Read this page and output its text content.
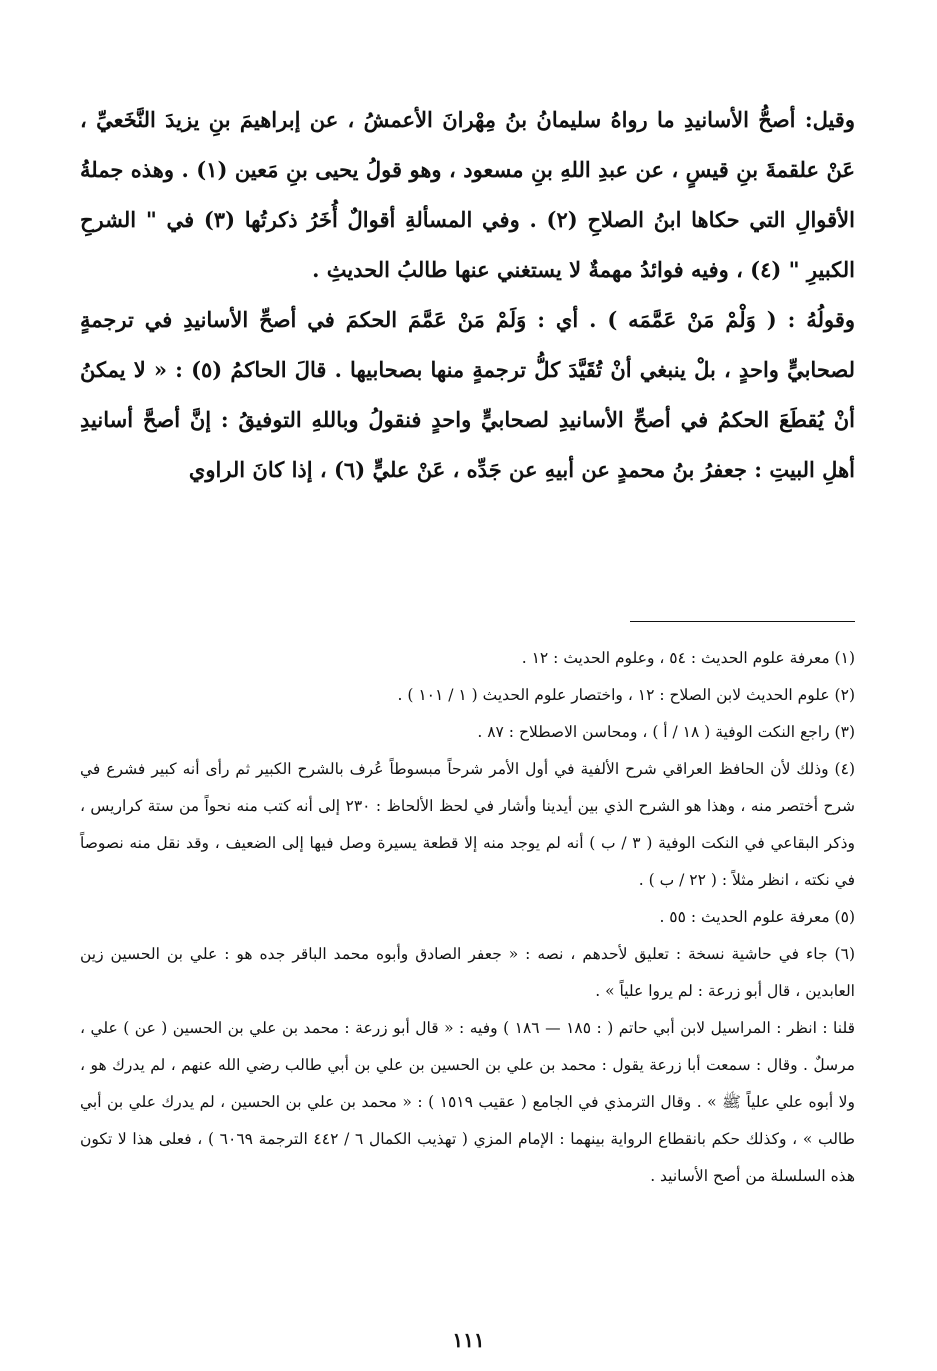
وقيل: أصحُّ الأسانيدِ ما رواهُ سليمانُ بنُ مِهْرانَ الأعمشُ ، عن إبراهيمَ بنِ يزيدَ النَّخَعيِّ ، عَنْ علقمةَ بنِ قيسٍ ، عن عبدِ اللهِ بنِ مسعود ، وهو قولُ يحيى بنِ مَعين (١) . وهذه جملةُ الأقوالِ التي حكاها ابنُ الصلاحِ (٢) . وفي المسألةِ أقوالٌ أُخَرُ ذكرتُها (٣) في " الشرحِ الكبيرِ " (٤) ، وفيه فوائدُ مهمةٌ لا يستغني عنها طالبُ الحديثِ .

وقولُهُ : ( وَلْمْ مَنْ عَمَّمَه ) . أي : وَلَمْ مَنْ عَمَّمَ الحكمَ في أصحِّ الأسانيدِ في ترجمةٍ لصحابيٍّ واحدٍ ، بلْ ينبغي أنْ تُقَيَّدَ كلُّ ترجمةٍ منها بصحابيها . قالَ الحاكمُ (٥) : « لا يمكنُ أنْ يُقطَعَ الحكمُ في أصحِّ الأسانيدِ لصحابيٍّ واحدٍ فنقولُ وباللهِ التوفيقُ : إنَّ أصحَّ أسانيدِ أهلِ البيتِ : جعفرُ بنُ محمدٍ عن أبيهِ عن جَدِّه ، عَنْ عليٍّ (٦) ، إذا كانَ الراوي

(١) معرفة علوم الحديث : ٥٤ ، وعلوم الحديث : ١٢ .

(٢) علوم الحديث لابن الصلاح : ١٢ ، واختصار علوم الحديث ( ١ / ١٠١ ) .

(٣) راجع النكت الوفية ( ١٨ / أ ) ، ومحاسن الاصطلاح : ٨٧ .

(٤) وذلك لأن الحافظ العراقي شرح الألفية في أول الأمر شرحاً مبسوطاً عُرف بالشرح الكبير ثم رأى أنه كبير فشرع في شرح أختصر منه ، وهذا هو الشرح الذي بين أيدينا وأشار في لحظ الألحاظ : ٢٣٠ إلى أنه كتب منه نحواً من ستة كراريس ، وذكر البقاعي في النكت الوفية ( ٣ / ب ) أنه لم يوجد منه إلا قطعة يسيرة وصل فيها إلى الضعيف ، وقد نقل منه نصوصاً في نكته ، انظر مثلاً : ( ٢٢ / ب ) .

(٥) معرفة علوم الحديث : ٥٥ .

(٦) جاء في حاشية نسخة : تعليق لأحدهم ، نصه : « جعفر الصادق وأبوه محمد الباقر جده هو : علي بن الحسين زين العابدين ، قال أبو زرعة : لم يروا علياً » .

قلنا : انظر : المراسيل لابن أبي حاتم ( : ١٨٥ — ١٨٦ ) وفيه : « قال أبو زرعة : محمد بن علي بن الحسين ( عن ) علي ، مرسلٌ . وقال : سمعت أبا زرعة يقول : محمد بن علي بن الحسين بن علي بن أبي طالب رضي الله عنهم ، لم يدرك هو ، ولا أبوه علي علياً ﷺ » . وقال الترمذي في الجامع ( عقيب ١٥١٩ ) : « محمد بن علي بن الحسين ، لم يدرك علي بن أبي طالب » ، وكذلك حكم بانقطاع الرواية بينهما : الإمام المزي ( تهذيب الكمال ٦ / ٤٤٢ الترجمة ٦٠٦٩ ) ، فعلى هذا لا تكون هذه السلسلة من أصح الأسانيد .

١١١
